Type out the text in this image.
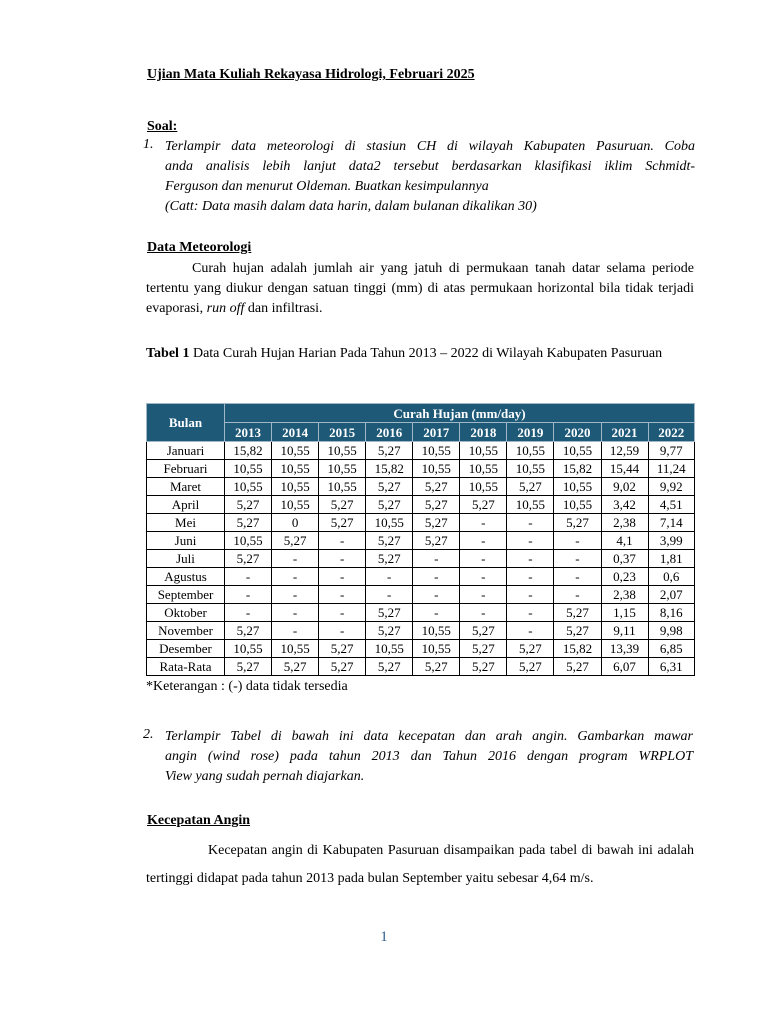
Ujian Mata Kuliah Rekayasa Hidrologi, Februari 2025
Soal:
1. Terlampir data meteorologi di stasiun CH di wilayah Kabupaten Pasuruan. Coba
anda analisis lebih lanjut data2 tersebut berdasarkan klasifikasi iklim Schmidt-
Ferguson dan menurut Oldeman. Buatkan kesimpulannya
(Catt: Data masih dalam data harin, dalam bulanan dikalikan 30)
Data Meteorologi
Curah hujan adalah jumlah air yang jatuh di permukaan tanah datar selama periode tertentu yang diukur dengan satuan tinggi (mm) di atas permukaan horizontal bila tidak terjadi evaporasi, run off dan infiltrasi.
Tabel 1 Data Curah Hujan Harian Pada Tahun 2013 – 2022 di Wilayah Kabupaten Pasuruan
Bulan	Curah Hujan (mm/day)									
	2013	2014	2015	2016	2017	2018	2019	2020	2021	2022
Januari	15,82	10,55	10,55	5,27	10,55	10,55	10,55	10,55	12,59	9,77
Februari	10,55	10,55	10,55	15,82	10,55	10,55	10,55	15,82	15,44	11,24
Maret	10,55	10,55	10,55	5,27	5,27	10,55	5,27	10,55	9,02	9,92
April	5,27	10,55	5,27	5,27	5,27	5,27	10,55	10,55	3,42	4,51
Mei	5,27	0	5,27	10,55	5,27	-	-	5,27	2,38	7,14
Juni	10,55	5,27	-	5,27	5,27	-	-	-	4,1	3,99
Juli	5,27	-	-	5,27	-	-	-	-	0,37	1,81
Agustus	-	-	-	-	-	-	-	-	0,23	0,6
September	-	-	-	-	-	-	-	-	2,38	2,07
Oktober	-	-	-	5,27	-	-	-	5,27	1,15	8,16
November	5,27	-	-	5,27	10,55	5,27	-	5,27	9,11	9,98
Desember	10,55	10,55	5,27	10,55	10,55	5,27	5,27	15,82	13,39	6,85
Rata-Rata	5,27	5,27	5,27	5,27	5,27	5,27	5,27	5,27	6,07	6,31
*Keterangan : (-) data tidak tersedia
2. Terlampir Tabel di bawah ini data kecepatan dan arah angin. Gambarkan mawar
angin (wind rose) pada tahun 2013 dan Tahun 2016 dengan program WRPLOT
View yang sudah pernah diajarkan.
Kecepatan Angin
Kecepatan angin di Kabupaten Pasuruan disampaikan pada tabel di bawah ini adalah tertinggi didapat pada tahun 2013 pada bulan September yaitu sebesar 4,64 m/s.
1
